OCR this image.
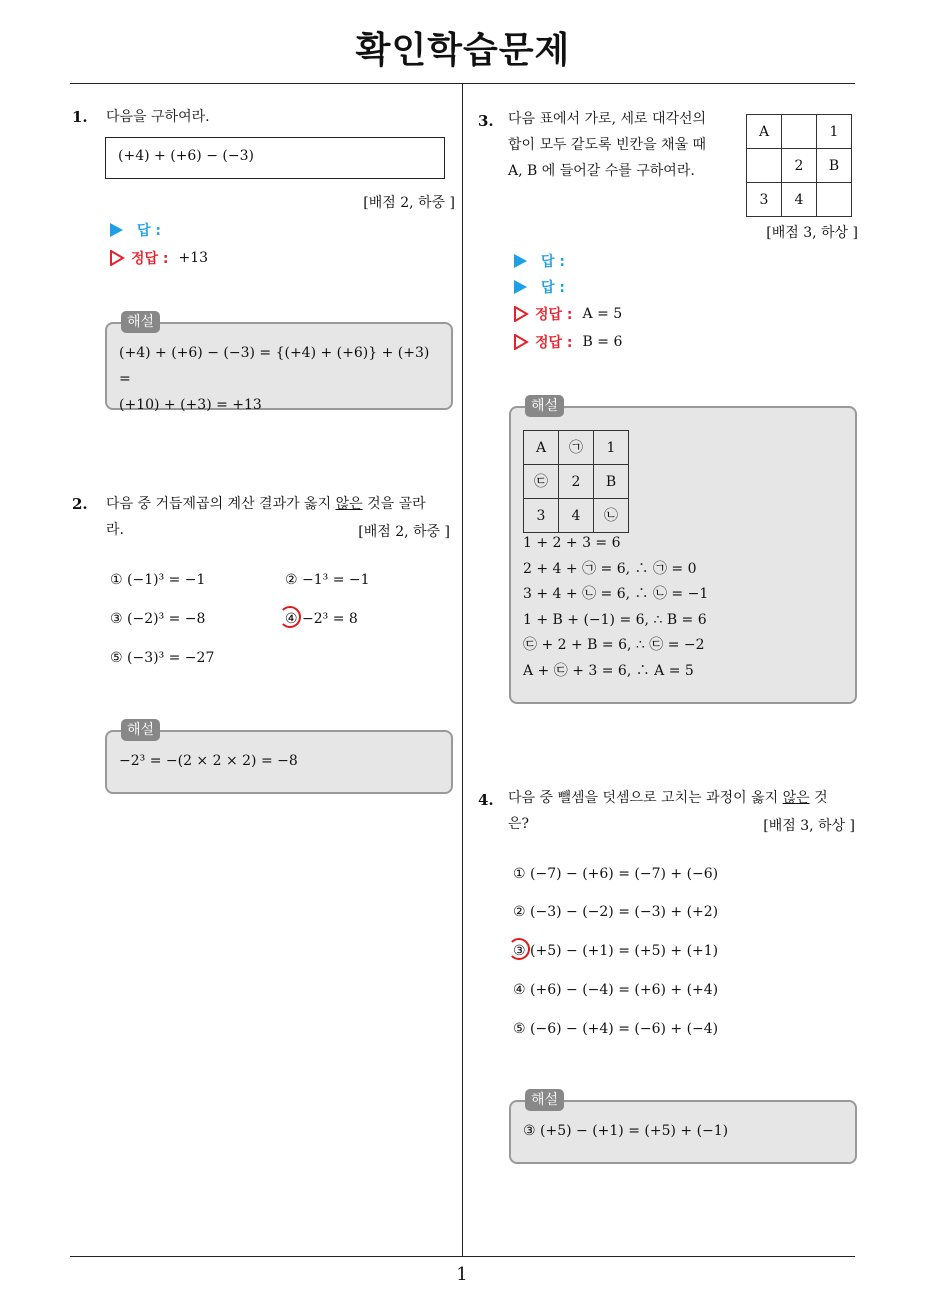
확인학습문제
1
1. 다음을 구하여라.
(+4) + (+6) − (−3)
[배점 2, 하중 ]
답 :
정답 : +13
해설
(+4) + (+6) − (−3) = {(+4) + (+6)} + (+3) =
(+10) + (+3) = +13
2. 다음 중 거듭제곱의 계산 결과가 옳지 않은 것을 골라
라.	[배점 2, 하중 ]
① (−1)³ = −1	② −1³ = −1
③ (−2)³ = −8	④ −2³ = 8
⑤ (−3)³ = −27
해설
−2³ = −(2 × 2 × 2) = −8
3. 다음 표에서 가로, 세로 대각선의
합이 모두 같도록 빈칸을 채울 때
A, B 에 들어갈 수를 구하여라.
A		1
	2	B
3	4	
[배점 3, 하상 ]
답 :
답 :
정답 : A = 5
정답 : B = 6
해설
A	㉠	1
㉢	2	B
3	4	㉡
1 + 2 + 3 = 6
2 + 4 + ㉠ = 6, ∴ ㉠ = 0
3 + 4 + ㉡ = 6, ∴ ㉡ = −1
1 + B + (−1) = 6, ∴ B = 6
㉢ + 2 + B = 6, ∴ ㉢ = −2
A + ㉢ + 3 = 6, ∴ A = 5
4. 다음 중 뺄셈을 덧셈으로 고치는 과정이 옳지 않은 것
은?	[배점 3, 하상 ]
① (−7) − (+6) = (−7) + (−6)
② (−3) − (−2) = (−3) + (+2)
③ (+5) − (+1) = (+5) + (+1)
④ (+6) − (−4) = (+6) + (+4)
⑤ (−6) − (+4) = (−6) + (−4)
해설
③ (+5) − (+1) = (+5) + (−1)
